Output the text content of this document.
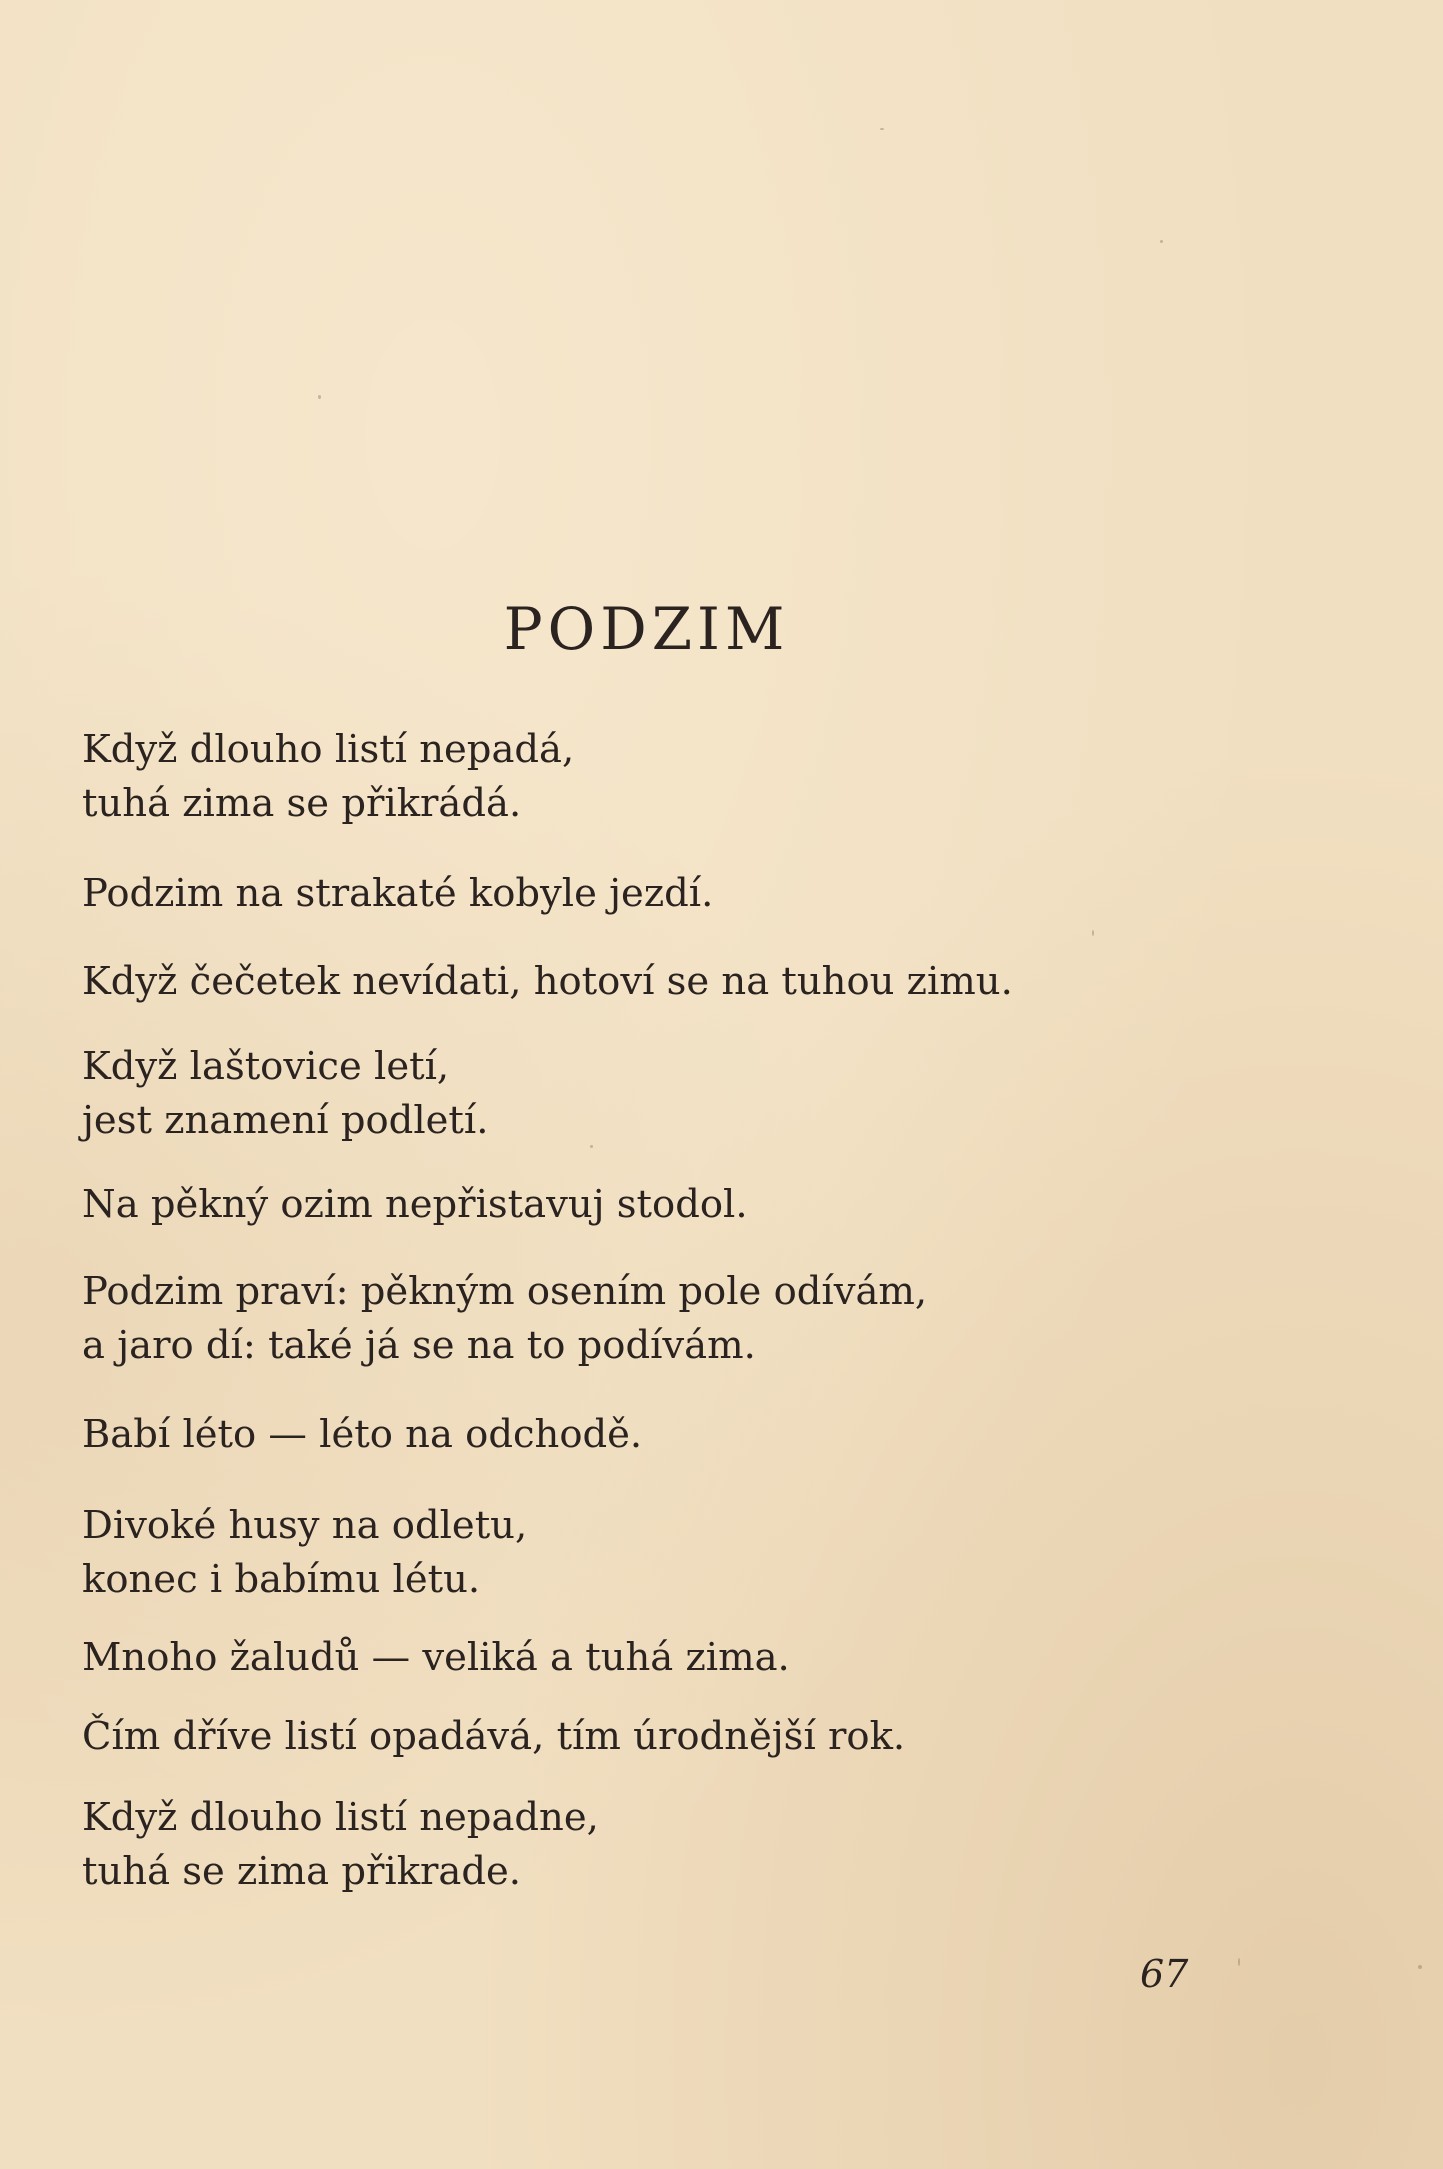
PODZIM

Když dlouho listí nepadá,
tuhá zima se přikrádá.

Podzim na strakaté kobyle jezdí.

Když čečetek nevídati, hotoví se na tuhou zimu.

Když laštovice letí,
jest znamení podletí.

Na pěkný ozim nepřistavuj stodol.

Podzim praví: pěkným osením pole odívám,
a jaro dí: také já se na to podívám.

Babí léto — léto na odchodě.

Divoké husy na odletu,
konec i babímu létu.

Mnoho žaludů — veliká a tuhá zima.

Čím dříve listí opadává, tím úrodnější rok.

Když dlouho listí nepadne,
tuhá se zima přikrade.

67
